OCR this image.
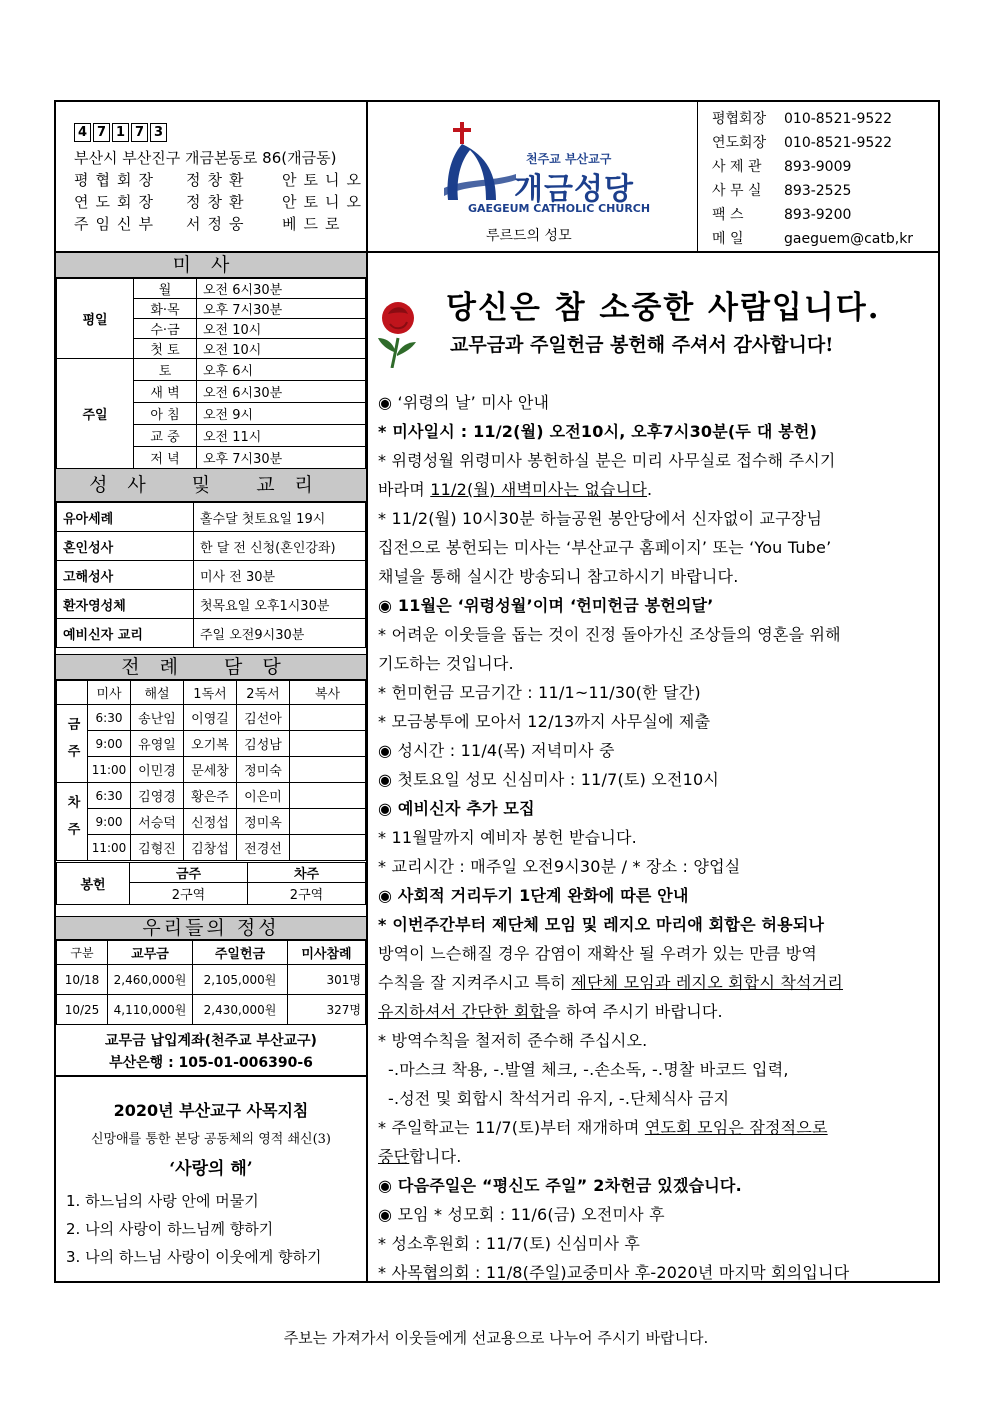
4 7 1 7 3
부산시 부산진구 개금본동로 86(개금동)
평협회장 정창환 안토니오
연도회장 정창환 안토니오
주임신부 서정웅 베드로
천주교 부산교구
개금성당
GAEGEUM CATHOLIC CHURCH
루르드의 성모
평협회장 010-8521-9522
연도회장 010-8521-9522
사 제 관 893-9009
사 무 실 893-2525
팩 스	893-9200
메 일	gaeguem@catb,kr
미사
평일	월	오전 6시30분
	화·목	오후 7시30분
	수·금	오전 10시
	첫 토	오전 10시
주일	토	오후 6시
	새 벽	오전 6시30분
	아 침	오전 9시
	교 중	오전 11시
	저 녁	오후 7시30분
성사 및 교리
유아세례	홀수달 첫토요일 19시
혼인성사	한 달 전 신청(혼인강좌)
고해성사	미사 전 30분
환자영성체	첫목요일 오후1시30분
예비신자 교리	주일 오전9시30분
전례 담당
	미사	해설	1독서	2독서	복사
금주	6:30	송난임	이영길	김선아	
	9:00	유영일	오기복	김성남	
	11:00	이민경	문세창	정미숙	
차주	6:30	김영경	황은주	이은미	
	9:00	서승덕	신정섭	정미옥	
	11:00	김형진	김창섭	전경선	
봉헌	금주	차주
	2구역	2구역
우리들의 정성
구분	교무금	주일헌금	미사참례
10/18	2,460,000원	2,105,000원	301명
10/25	4,110,000원	2,430,000원	327명
교무금 납입계좌(천주교 부산교구)
부산은행 : 105-01-006390-6
2020년 부산교구 사목지침
신망애를 통한 본당 공동체의 영적 쇄신(3)
‘사랑의 해’
1. 하느님의 사랑 안에 머물기
2. 나의 사랑이 하느님께 향하기
3. 나의 하느님 사랑이 이웃에게 향하기
당신은 참 소중한 사람입니다.
교무금과 주일헌금 봉헌해 주셔서 감사합니다!
◉ ‘위령의 날’ 미사 안내
* 미사일시 : 11/2(월) 오전10시, 오후7시30분(두 대 봉헌)
* 위령성월 위령미사 봉헌하실 분은 미리 사무실로 접수해 주시기
바라며 11/2(월) 새벽미사는 없습니다.
* 11/2(월) 10시30분 하늘공원 봉안당에서 신자없이 교구장님
집전으로 봉헌되는 미사는 ‘부산교구 홈페이지’ 또는 ‘You Tube’
채널을 통해 실시간 방송되니 참고하시기 바랍니다.
◉ 11월은 ‘위령성월’이며 ‘헌미헌금 봉헌의달’
* 어려운 이웃들을 돕는 것이 진정 돌아가신 조상들의 영혼을 위해
기도하는 것입니다.
* 헌미헌금 모금기간 : 11/1~11/30(한 달간)
* 모금봉투에 모아서 12/13까지 사무실에 제출
◉ 성시간 : 11/4(목) 저녁미사 중
◉ 첫토요일 성모 신심미사 : 11/7(토) 오전10시
◉ 예비신자 추가 모집
* 11월말까지 예비자 봉헌 받습니다.
* 교리시간 : 매주일 오전9시30분 / * 장소 : 양업실
◉ 사회적 거리두기 1단계 완화에 따른 안내
* 이번주간부터 제단체 모임 및 레지오 마리애 회합은 허용되나
방역이 느슨해질 경우 감염이 재확산 될 우려가 있는 만큼 방역
수칙을 잘 지켜주시고 특히 제단체 모임과 레지오 회합시 착석거리
유지하셔서 간단한 회합을 하여 주시기 바랍니다.
* 방역수칙을 철저히 준수해 주십시오.
-.마스크 착용, -.발열 체크, -.손소독, -.명찰 바코드 입력,
-.성전 및 회합시 착석거리 유지, -.단체식사 금지
* 주일학교는 11/7(토)부터 재개하며 연도회 모임은 잠정적으로
중단합니다.
◉ 다음주일은 “평신도 주일” 2차헌금 있겠습니다.
◉ 모임 * 성모회 : 11/6(금) 오전미사 후
* 성소후원회 : 11/7(토) 신심미사 후
* 사목협의회 : 11/8(주일)교중미사 후-2020년 마지막 회의입니다
주보는 가져가서 이웃들에게 선교용으로 나누어 주시기 바랍니다.
